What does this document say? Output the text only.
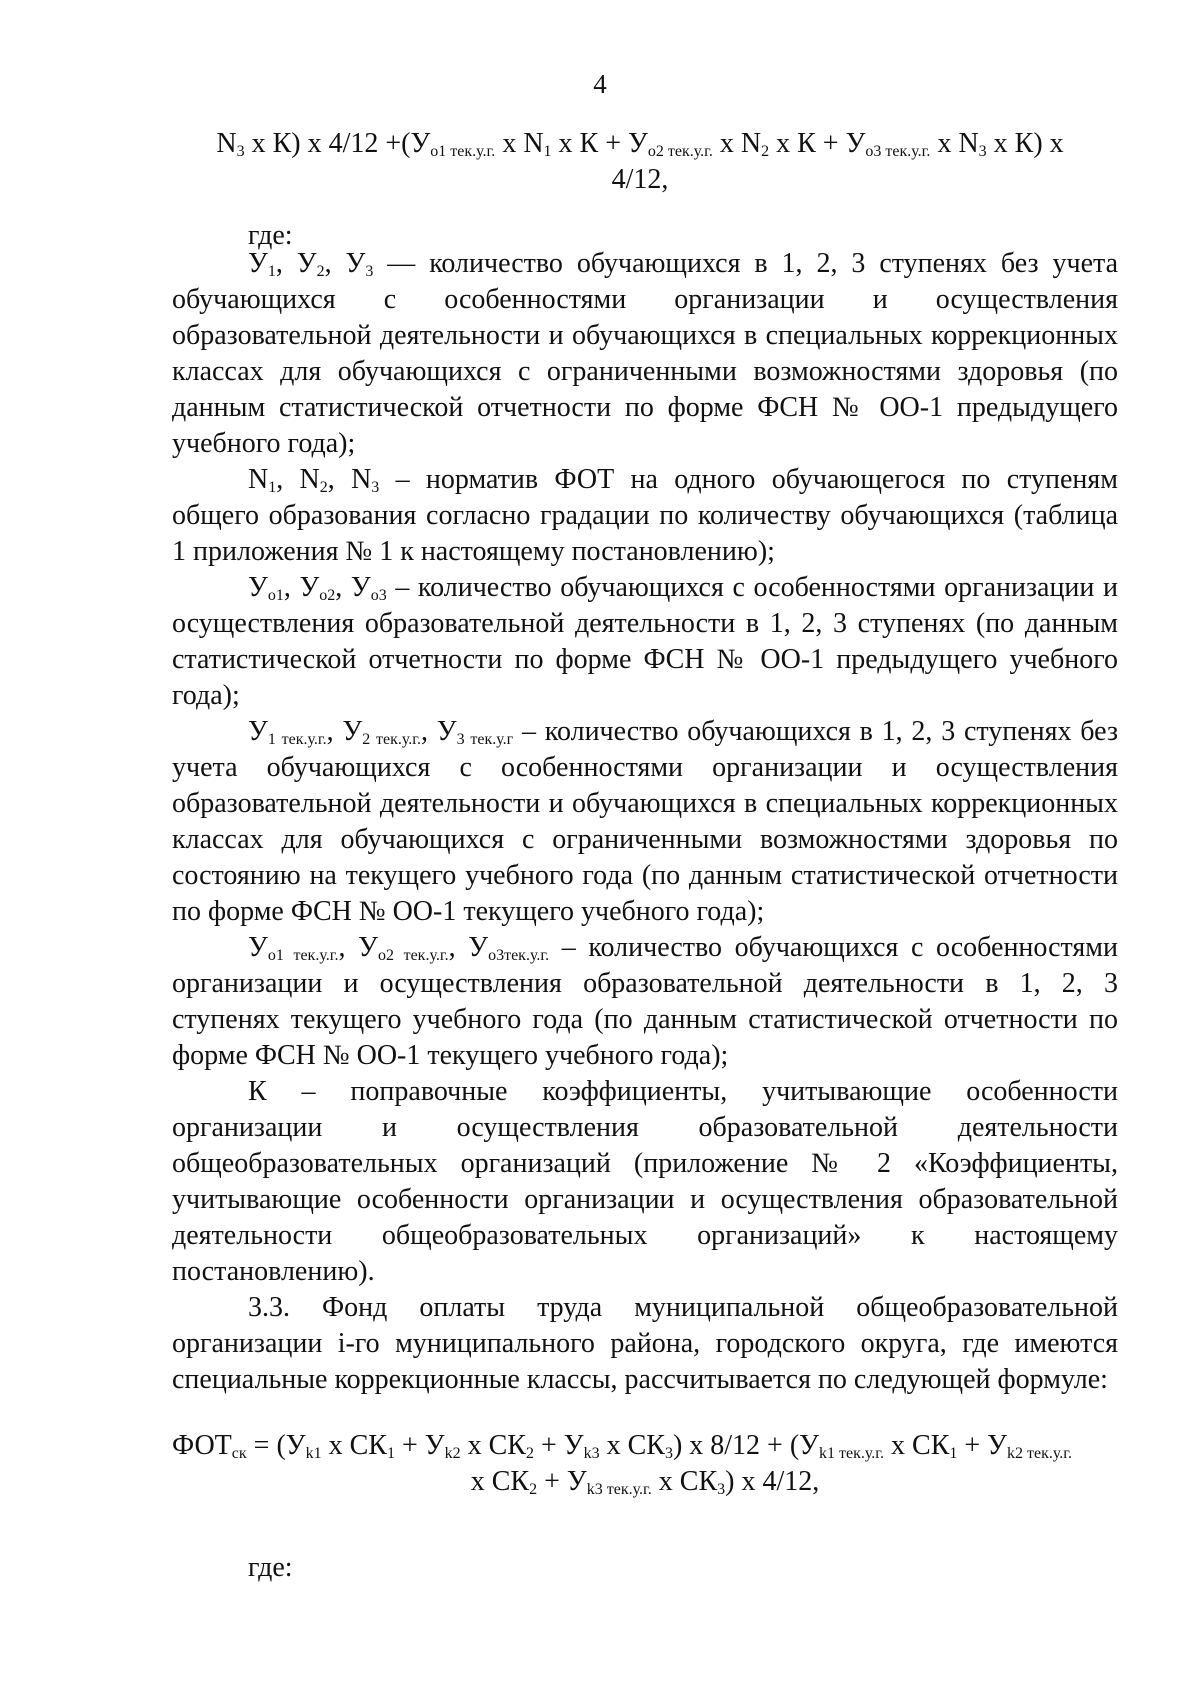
4
$N_3$ х К) х $4/12 +(У_{о1 тек.у.г.}$ х $N_1$ х $К + У_{о2 тек.у.г.}$ х $N_2$ х $К + У_{о3 тек.у.г.}$ х $N_3$ х К) х
4/12,
где:

$У_1$, $У_2$, $У_3$ — количество обучающихся в 1, 2, 3 ступенях без учета обучающихся с особенностями организации и осуществления образовательной деятельности и обучающихся в специальных коррекционных классах для обучающихся с ограниченными возможностями здоровья (по данным статистической отчетности по форме ФСН № ОО-1 предыдущего учебного года);

$N_1$, $N_2$, $N_3$ – норматив ФОТ на одного обучающегося по ступеням общего образования согласно градации по количеству обучающихся (таблица 1 приложения № 1 к настоящему постановлению);

$У_{о1}$, $У_{о2}$, $У_{о3}$ – количество обучающихся с особенностями организации и осуществления образовательной деятельности в 1, 2, 3 ступенях (по данным статистической отчетности по форме ФСН № ОО-1 предыдущего учебного года);

$У_{1 тек.у.г.}$, $У_{2 тек.у.г.}$, $У_{3 тек.у.г}$ – количество обучающихся в 1, 2, 3 ступенях без учета обучающихся с особенностями организации и осуществления образовательной деятельности и обучающихся в специальных коррекционных классах для обучающихся с ограниченными возможностями здоровья по состоянию на текущего учебного года (по данным статистической отчетности по форме ФСН № ОО-1 текущего учебного года);

$У_{о1 тек.у.г.}$, $У_{о2 тек.у.г.}$, $У_{о3тек.у.г.}$ – количество обучающихся с особенностями организации и осуществления образовательной деятельности в 1, 2, 3 ступенях текущего учебного года (по данным статистической отчетности по форме ФСН № ОО-1 текущего учебного года);

К – поправочные коэффициенты, учитывающие особенности организации и осуществления образовательной деятельности общеобразовательных организаций (приложение № 2 «Коэффициенты, учитывающие особенности организации и осуществления образовательной деятельности общеобразовательных организаций» к настоящему постановлению).

3.3. Фонд оплаты труда муниципальной общеобразовательной организации i-го муниципального района, городского округа, где имеются специальные коррекционные классы, рассчитывается по следующей формуле:

$ФОТ_{ск} = (У_{k1}$ х $СК_1 + У_{k2}$ х $СК_2 + У_{k3}$ х $СК_3$) х $8/12 + (У_{k1 тек.у.г.}$ х $СК_1 + У_{k2 тек.у.г.}$
х $СК_2 + У_{k3 тек.у.г.}$ х $СК_3$) х 4/12,
где:
